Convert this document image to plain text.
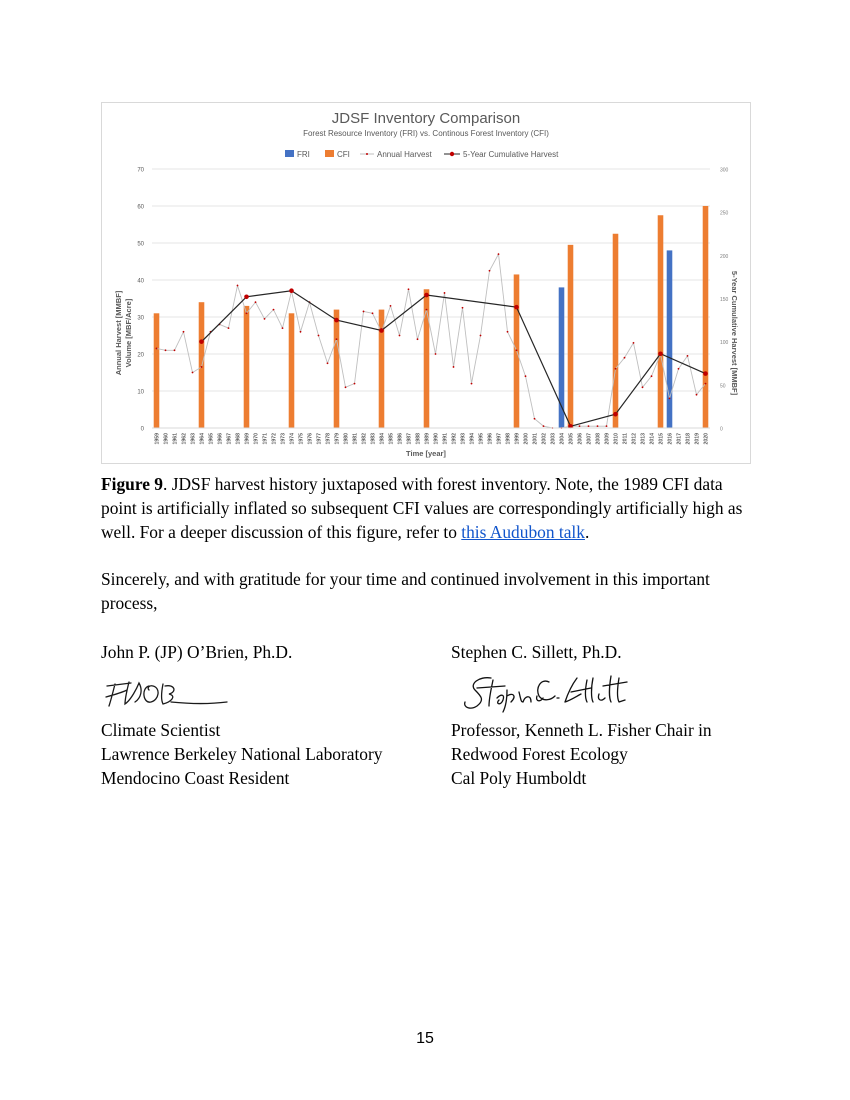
0
10
20
30
40
50
60
70
0
50
100
150
200
250
300
1959 1960 1961 1962 1963 1964 1965 1966 1967 1968 1969 1970 1971 1972 1973 1974 1975 1976 1977 1978 1979 1980 1981 1982 1983 1984 1985 1986 1987 1988 1989 1990 1991 1992 1993 1994 1995 1996 1997 1998 1999 2000 2001 2002 2003 2004 2005 2006 2007 2008 2009 2010 2011 2012 2013 2014 2015 2016 2017 2018 2019 2020
JDSF Inventory Comparison
Forest Resource Inventory (FRI) vs. Continous Forest Inventory (CFI)
FRI	CFI	Annual Harvest	5-Year Cumulative Harvest
Annual Harvest [MMBF] Volume [MBF/Acre]	5-Year Cumulative Harvest [MMBF]
Time [year]
Figure 9. JDSF harvest history juxtaposed with forest inventory. Note, the 1989 CFI data point is artificially inflated so subsequent CFI values are correspondingly artificially high as well. For a deeper discussion of this figure, refer to this Audubon talk.
Sincerely, and with gratitude for your time and continued involvement in this important process,
John P. (JP) O’Brien, Ph.D.
Climate Scientist
Lawrence Berkeley National Laboratory
Mendocino Coast Resident
Stephen C. Sillett, Ph.D.
Professor, Kenneth L. Fisher Chair in
Redwood Forest Ecology
Cal Poly Humboldt
15
